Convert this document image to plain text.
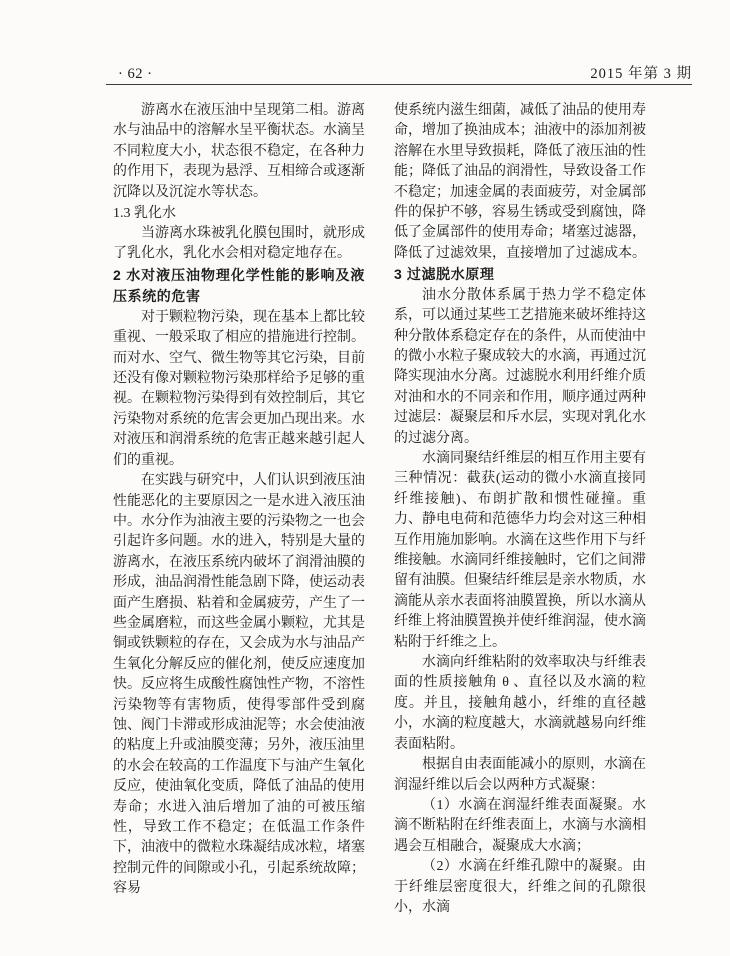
· 62 ·	2015 年第 3 期

游离水在液压油中呈现第二相。游离水与油品中的溶解水呈平衡状态。水滴呈不同粒度大小，状态很不稳定，在各种力的作用下，表现为悬浮、互相缔合或逐渐沉降以及沉淀水等状态。

1.3 乳化水

当游离水珠被乳化膜包围时，就形成了乳化水，乳化水会相对稳定地存在。

2 水对液压油物理化学性能的影响及液压系统的危害

对于颗粒物污染，现在基本上都比较重视、一般采取了相应的措施进行控制。而对水、空气、微生物等其它污染，目前还没有像对颗粒物污染那样给予足够的重视。在颗粒物污染得到有效控制后，其它污染物对系统的危害会更加凸现出来。水对液压和润滑系统的危害正越来越引起人们的重视。

在实践与研究中，人们认识到液压油性能恶化的主要原因之一是水进入液压油中。水分作为油液主要的污染物之一也会引起许多问题。水的进入，特别是大量的游离水，在液压系统内破坏了润滑油膜的形成，油品润滑性能急剧下降，使运动表面产生磨损、粘着和金属疲劳，产生了一些金属磨粒，而这些金属小颗粒，尤其是铜或铁颗粒的存在，又会成为水与油品产生氧化分解反应的催化剂，使反应速度加快。反应将生成酸性腐蚀性产物，不溶性污染物等有害物质，使得零部件受到腐蚀、阀门卡滞或形成油泥等；水会使油液的粘度上升或油膜变薄；另外，液压油里的水会在较高的工作温度下与油产生氧化反应，使油氧化变质，降低了油品的使用寿命；水进入油后增加了油的可被压缩性，导致工作不稳定；在低温工作条件下，油液中的微粒水珠凝结成冰粒，堵塞控制元件的间隙或小孔，引起系统故障；容易

使系统内滋生细菌，减低了油品的使用寿命，增加了换油成本；油液中的添加剂被溶解在水里导致损耗，降低了液压油的性能；降低了油品的润滑性，导致设备工作不稳定；加速金属的表面疲劳，对金属部件的保护不够，容易生锈或受到腐蚀，降低了金属部件的使用寿命；堵塞过滤器，降低了过滤效果，直接增加了过滤成本。

3 过滤脱水原理

油水分散体系属于热力学不稳定体系，可以通过某些工艺措施来破坏维持这种分散体系稳定存在的条件，从而使油中的微小水粒子聚成较大的水滴，再通过沉降实现油水分离。过滤脱水利用纤维介质对油和水的不同亲和作用，顺序通过两种过滤层：凝聚层和斥水层，实现对乳化水的过滤分离。

水滴同聚结纤维层的相互作用主要有三种情况：截获(运动的微小水滴直接同纤维接触)、布朗扩散和惯性碰撞。重力、静电电荷和范德华力均会对这三种相互作用施加影响。水滴在这些作用下与纤维接触。水滴同纤维接触时，它们之间滞留有油膜。但聚结纤维层是亲水物质，水滴能从亲水表面将油膜置换，所以水滴从纤维上将油膜置换并使纤维润湿，使水滴粘附于纤维之上。

水滴向纤维粘附的效率取决与纤维表面的性质接触角 θ 、直径以及水滴的粒度。并且，接触角越小，纤维的直径越小，水滴的粒度越大，水滴就越易向纤维表面粘附。

根据自由表面能减小的原则，水滴在润湿纤维以后会以两种方式凝聚：

（1）水滴在润湿纤维表面凝聚。水滴不断粘附在纤维表面上，水滴与水滴相遇会互相融合，凝聚成大水滴；

（2）水滴在纤维孔隙中的凝聚。由于纤维层密度很大，纤维之间的孔隙很小，水滴
